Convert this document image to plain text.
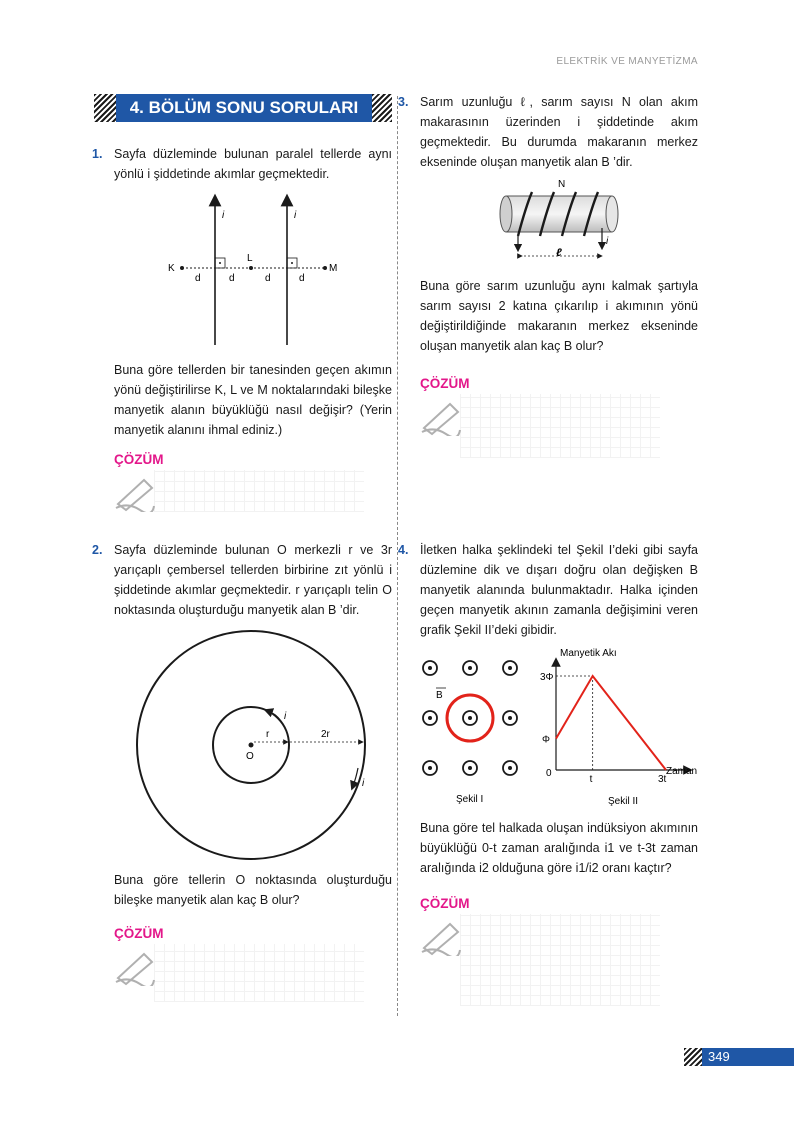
ELEKTRİK VE MANYETİZMA
4. BÖLÜM SONU SORULARI
1. Sayfa düzleminde bulunan paralel tellerde aynı yönlü i şiddetinde akımlar geçmektedir.

i	i
K
L
M
d	d	d	d

Buna göre tellerden bir tanesinden geçen akımın yönü değiştirilirse K, L ve M noktalarındaki bileşke manyetik alanın büyüklüğü nasıl değişir? (Yerin manyetik alanını ihmal ediniz.)

ÇÖZÜM
2. Sayfa düzleminde bulunan O merkezli r ve 3r yarıçaplı çembersel tellerden birbirine zıt yönlü i şiddetinde akımlar geçmektedir. r yarıçaplı telin O noktasında oluşturduğu manyetik alan B ’dir.

O
r	2r
i
i

Buna göre tellerin O noktasında oluşturduğu bileşke manyetik alan kaç B olur?

ÇÖZÜM
3. Sarım uzunluğu ℓ, sarım sayısı N olan akım makarasının üzerinden i şiddetinde akım geçmektedir. Bu durumda makaranın merkez ekseninde oluşan manyetik alan B ’dir.

N
i
ℓ

Buna göre sarım uzunluğu aynı kalmak şartıyla sarım sayısı 2 katına çıkarılıp i akımının yönü değiştirildiğinde makaranın merkez ekseninde oluşan manyetik alan kaç B olur?

ÇÖZÜM
4. İletken halka şeklindeki tel Şekil I’deki gibi sayfa düzlemine dik ve dışarı doğru olan değişken B manyetik alanında bulunmaktadır. Halka içinden geçen manyetik akının zamanla değişimini veren grafik Şekil II’deki gibidir.

B
Şekil I
Manyetik Akı
Zaman
3Φ
Φ
0
t	3t
Şekil II

Buna göre tel halkada oluşan indüksiyon akımının büyüklüğü 0-t zaman aralığında i1 ve t-3t zaman aralığında i2 olduğuna göre i1/i2 oranı kaçtır?

ÇÖZÜM
349
